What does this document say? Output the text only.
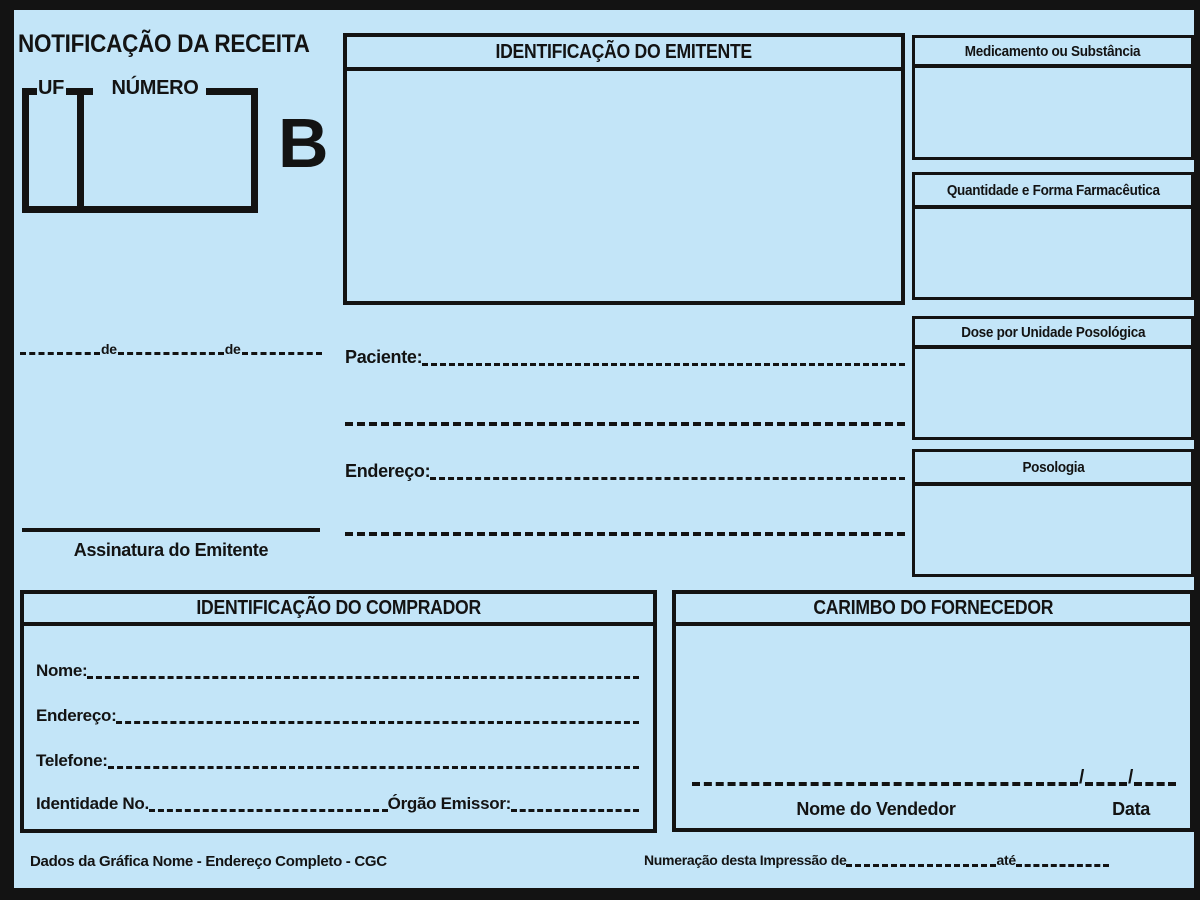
NOTIFICAÇÃO DA RECEITA
UF	NÚMERO
B
de	de
Assinatura do Emitente
IDENTIFICAÇÃO DO EMITENTE
Paciente:
Endereço:
Medicamento ou Substância
Quantidade e Forma Farmacêutica
Dose por Unidade Posológica
Posologia
IDENTIFICAÇÃO DO COMPRADOR
Nome:
Endereço:
Telefone:
Identidade No.	Órgão Emissor:
CARIMBO DO FORNECEDOR
/ /
Nome do Vendedor	Data
Dados da Gráfica Nome - Endereço Completo - CGC	Numeração desta Impressão de	até
